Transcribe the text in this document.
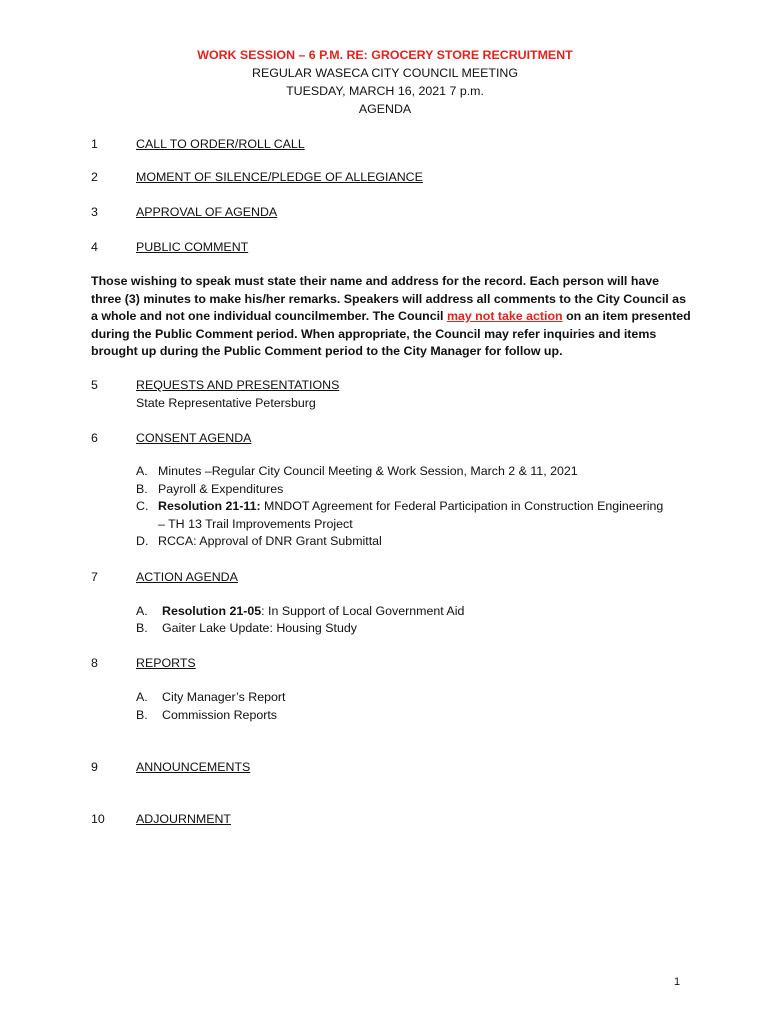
WORK SESSION – 6 P.M. RE: GROCERY STORE RECRUITMENT
REGULAR WASECA CITY COUNCIL MEETING
TUESDAY, MARCH 16, 2021 7 p.m.
AGENDA
1	CALL TO ORDER/ROLL CALL
2	MOMENT OF SILENCE/PLEDGE OF ALLEGIANCE
3	APPROVAL OF AGENDA
4	PUBLIC COMMENT
Those wishing to speak must state their name and address for the record. Each person will have three (3) minutes to make his/her remarks. Speakers will address all comments to the City Council as a whole and not one individual councilmember. The Council may not take action on an item presented during the Public Comment period. When appropriate, the Council may refer inquiries and items brought up during the Public Comment period to the City Manager for follow up.
5	REQUESTS AND PRESENTATIONS
State Representative Petersburg
6	CONSENT AGENDA
A. Minutes –Regular City Council Meeting & Work Session, March 2 & 11, 2021
B. Payroll & Expenditures
C. Resolution 21-11: MNDOT Agreement for Federal Participation in Construction Engineering
– TH 13 Trail Improvements Project
D. RCCA: Approval of DNR Grant Submittal
7	ACTION AGENDA
A. Resolution 21-05: In Support of Local Government Aid
B. Gaiter Lake Update: Housing Study
8	REPORTS
A. City Manager’s Report
B. Commission Reports
9	ANNOUNCEMENTS
10	ADJOURNMENT
1
